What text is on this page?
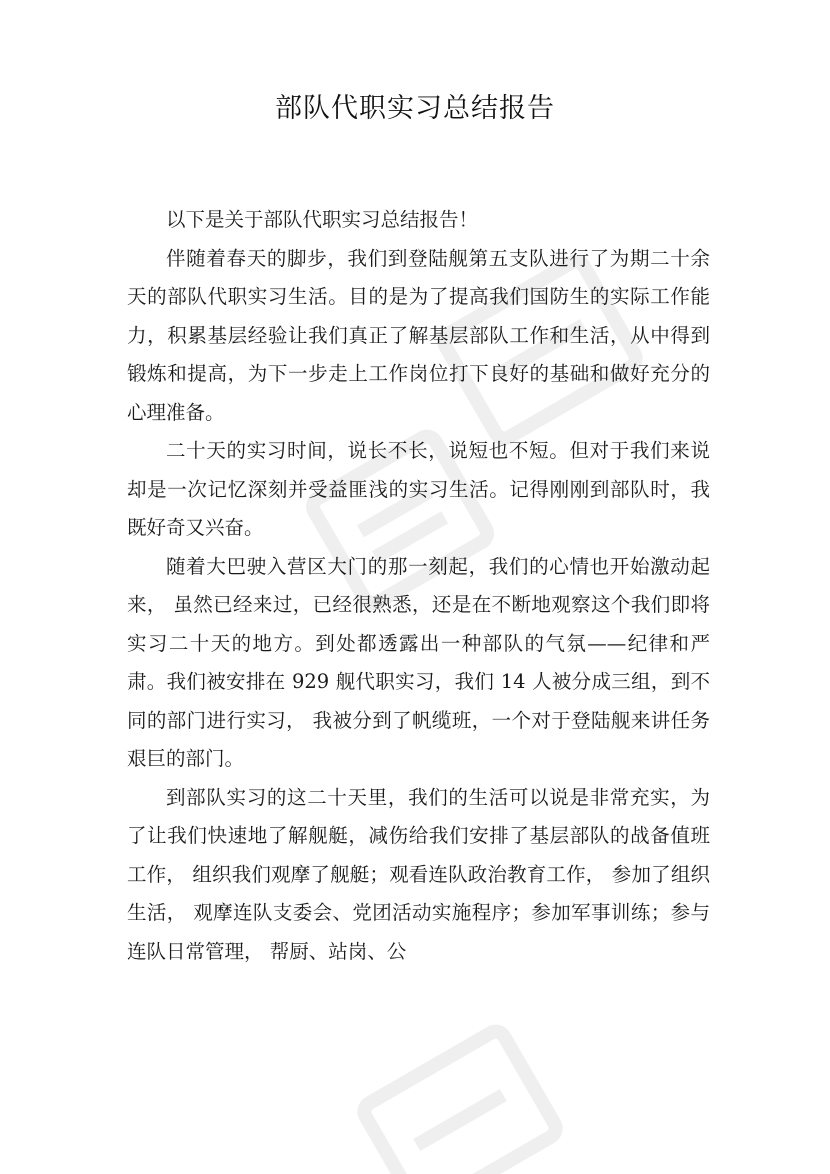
部队代职实习总结报告

以下是关于部队代职实习总结报告！

伴随着春天的脚步，我们到登陆舰第五支队进行了为期二十余天的部队代职实习生活。目的是为了提高我们国防生的实际工作能力，积累基层经验让我们真正了解基层部队工作和生活，从中得到锻炼和提高，为下一步走上工作岗位打下良好的基础和做好充分的心理准备。

二十天的实习时间，说长不长，说短也不短。但对于我们来说却是一次记忆深刻并受益匪浅的实习生活。记得刚刚到部队时，我既好奇又兴奋。

随着大巴驶入营区大门的那一刻起，我们的心情也开始激动起来， 虽然已经来过，已经很熟悉，还是在不断地观察这个我们即将实习二十天的地方。到处都透露出一种部队的气氛——纪律和严肃。我们被安排在 929 舰代职实习，我们 14 人被分成三组，到不同的部门进行实习， 我被分到了帆缆班，一个对于登陆舰来讲任务艰巨的部门。

到部队实习的这二十天里，我们的生活可以说是非常充实，为了让我们快速地了解舰艇，减伤给我们安排了基层部队的战备值班工作， 组织我们观摩了舰艇；观看连队政治教育工作， 参加了组织生活， 观摩连队支委会、党团活动实施程序；参加军事训练；参与连队日常管理， 帮厨、站岗、公
